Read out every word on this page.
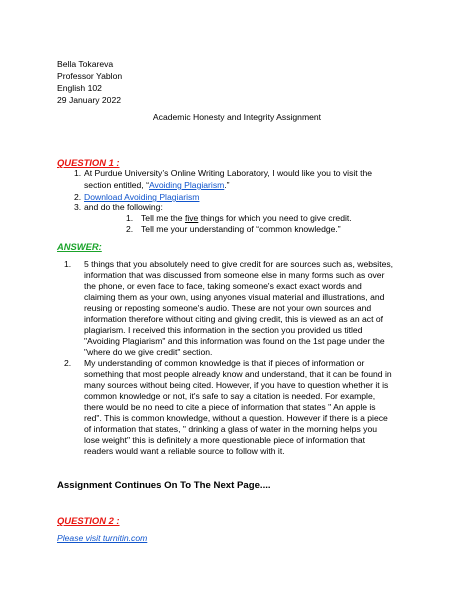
Bella Tokareva
Professor Yablon
English 102
29 January 2022
Academic Honesty and Integrity Assignment
QUESTION 1 :
1. At Purdue University’s Online Writing Laboratory, I would like you to visit the
section entitled, “Avoiding Plagiarism.”
2. Download Avoiding Plagiarism
3. and do the following:
1. Tell me the five things for which you need to give credit.
2. Tell me your understanding of “common knowledge.”
ANSWER:
1. 5 things that you absolutely need to give credit for are sources such as, websites,
information that was discussed from someone else in many forms such as over
the phone, or even face to face, taking someone's exact exact words and
claiming them as your own, using anyones visual material and illustrations, and
reusing or reposting someone's audio. These are not your own sources and
information therefore without citing and giving credit, this is viewed as an act of
plagiarism. I received this information in the section you provided us titled
"Avoiding Plagiarism" and this information was found on the 1st page under the
"where do we give credit" section.
2. My understanding of common knowledge is that if pieces of information or
something that most people already know and understand, that it can be found in
many sources without being cited. However, if you have to question whether it is
common knowledge or not, it's safe to say a citation is needed. For example,
there would be no need to cite a piece of information that states " An apple is
red". This is common knowledge, without a question. However if there is a piece
of information that states, " drinking a glass of water in the morning helps you
lose weight" this is definitely a more questionable piece of information that
readers would want a reliable source to follow with it.
Assignment Continues On To The Next Page....
QUESTION 2 :
Please visit turnitin.com
